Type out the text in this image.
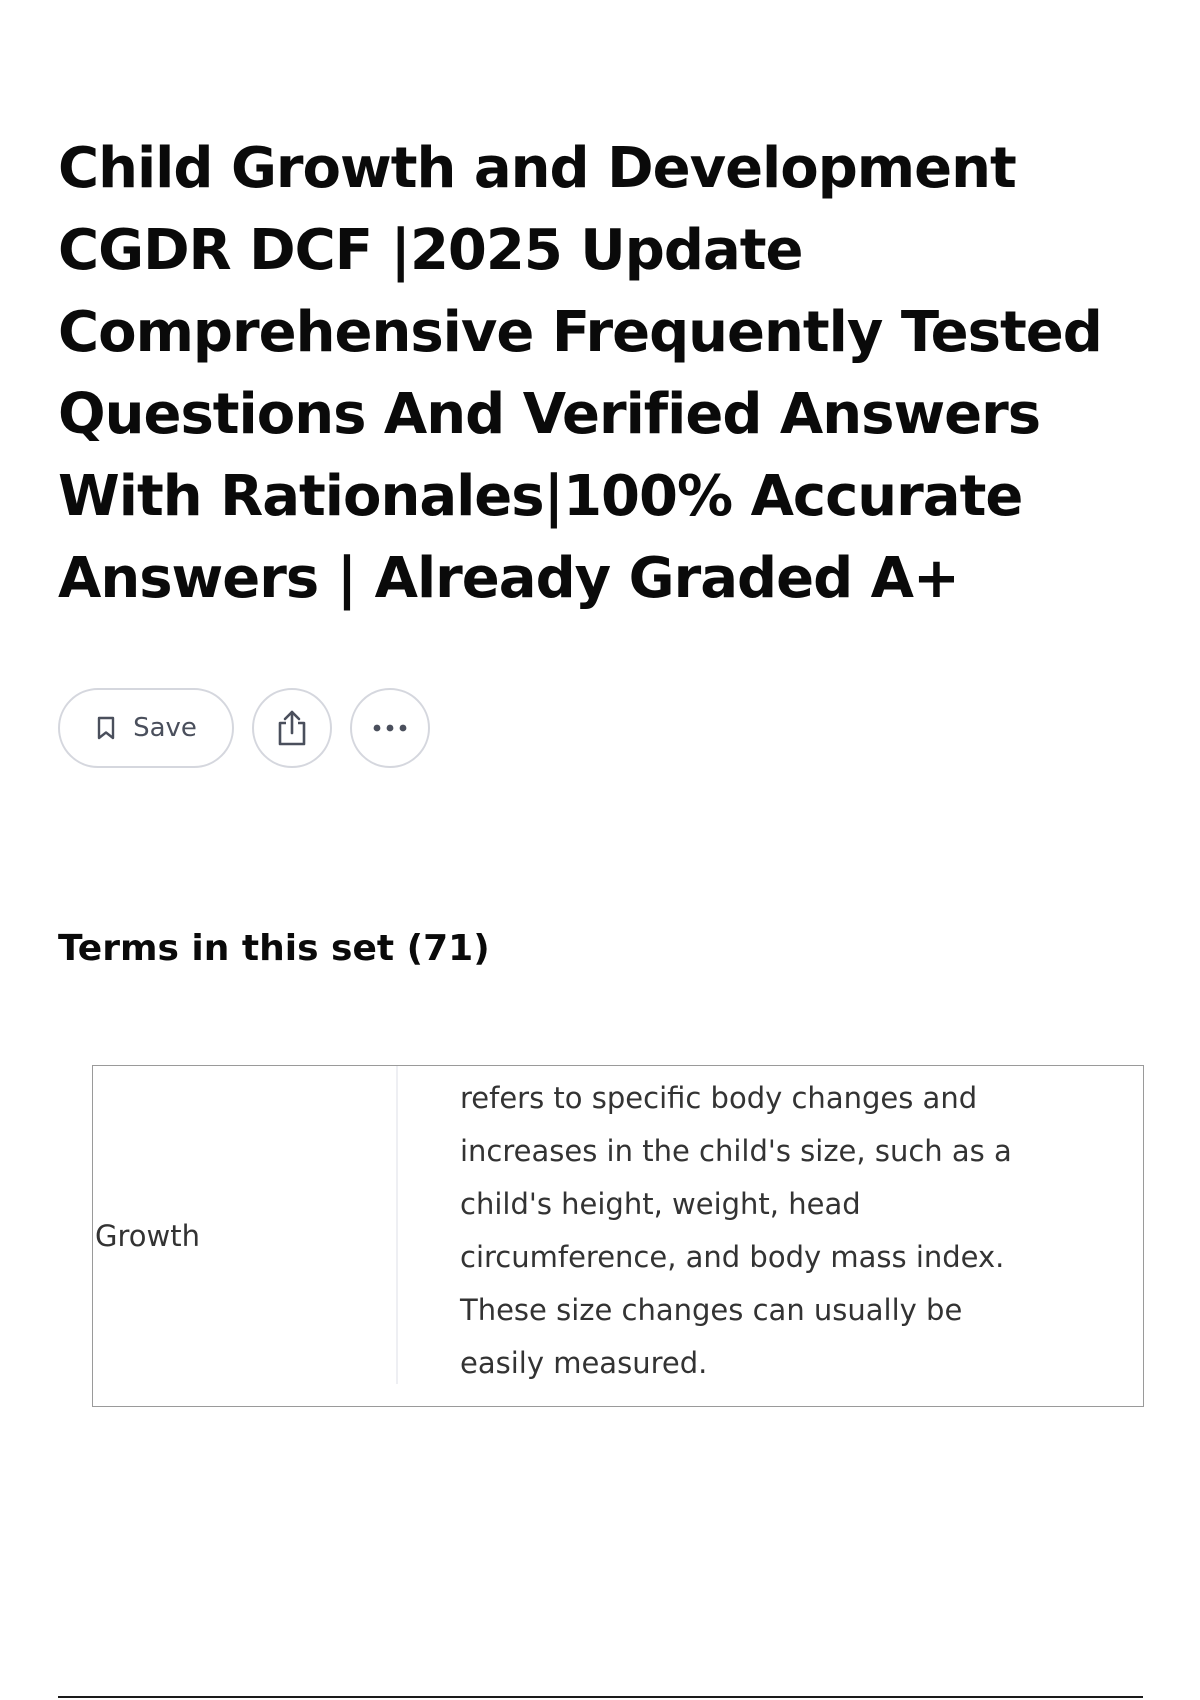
Child Growth and Development CGDR DCF |2025 Update Comprehensive Frequently Tested Questions And Verified Answers With Rationales|100% Accurate Answers | Already Graded A+
Save
Terms in this set (71)
Growth

refers to specific body changes and increases in the child's size, such as a child's height, weight, head circumference, and body mass index. These size changes can usually be easily measured.
